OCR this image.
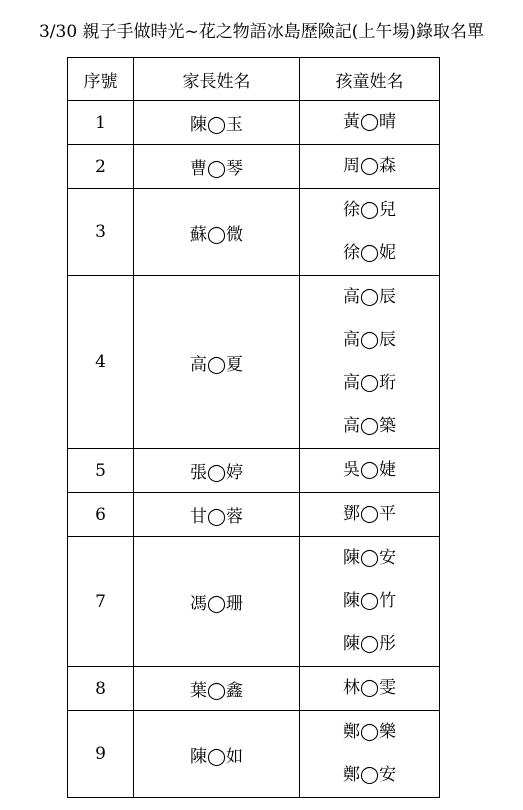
3/30 親子手做時光~花之物語冰島歷險記(上午場)錄取名單
序號	家長姓名	孩童姓名
1	陳◯玉	黃◯晴

2	曹◯琴	周◯森

3	蘇◯微	徐◯兒
徐◯妮

4	高◯夏	高◯辰
高◯辰
高◯珩
高◯築

5	張◯婷	吳◯婕

6	甘◯蓉	鄧◯平

7	馮◯珊	陳◯安
陳◯竹
陳◯彤

8	葉◯鑫	林◯雯

9	陳◯如	鄭◯樂
鄭◯安
